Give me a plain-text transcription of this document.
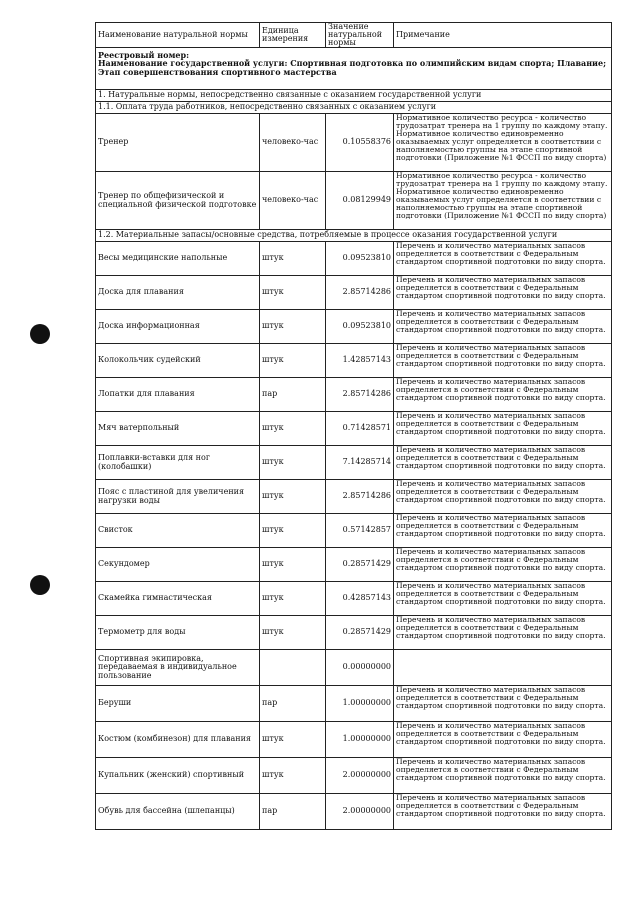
Наименование натуральной нормы	Единица измерения	Значение натуральной нормы	Примечание

Реестровый номер:
Наименование государственной услуги: Спортивная подготовка по олимпийским видам спорта; Плавание; Этап совершенствования спортивного мастерства			

1. Натуральные нормы, непосредственно связанные с оказанием государственной услуги			
1.1. Оплата труда работников, непосредственно связанных с оказанием услуги			
Тренер	человеко-час	0.10558376	Нормативное количество ресурса - количество трудозатрат тренера на 1 группу по каждому этапу. Нормативное количество единовременно оказываемых услуг определяется в соответствии с наполняемостью группы на этапе спортивной подготовки (Приложение №1 ФССП по виду спорта)
Тренер по общефизической и специальной физической подготовке	человеко-час	0.08129949	Нормативное количество ресурса - количество трудозатрат тренера на 1 группу по каждому этапу. Нормативное количество единовременно оказываемых услуг определяется в соответствии с наполняемостью группы на этапе спортивной подготовки (Приложение №1 ФССП по виду спорта)
1.2. Материальные запасы/основные средства, потребляемые в процессе оказания государственной услуги			
Весы медицинские напольные	штук	0.09523810	Перечень и количество материальных запасов определяется в соответствии с Федеральным стандартом спортивной подготовки по виду спорта.
Доска для плавания	штук	2.85714286	Перечень и количество материальных запасов определяется в соответствии с Федеральным стандартом спортивной подготовки по виду спорта.
Доска информационная	штук	0.09523810	Перечень и количество материальных запасов определяется в соответствии с Федеральным стандартом спортивной подготовки по виду спорта.
Колокольчик судейский	штук	1.42857143	Перечень и количество материальных запасов определяется в соответствии с Федеральным стандартом спортивной подготовки по виду спорта.
Лопатки для плавания	пар	2.85714286	Перечень и количество материальных запасов определяется в соответствии с Федеральным стандартом спортивной подготовки по виду спорта.
Мяч ватерпольный	штук	0.71428571	Перечень и количество материальных запасов определяется в соответствии с Федеральным стандартом спортивной подготовки по виду спорта.
Поплавки-вставки для ног (колобашки)	штук	7.14285714	Перечень и количество материальных запасов определяется в соответствии с Федеральным стандартом спортивной подготовки по виду спорта.
Пояс с пластиной для увеличения нагрузки воды	штук	2.85714286	Перечень и количество материальных запасов определяется в соответствии с Федеральным стандартом спортивной подготовки по виду спорта.
Свисток	штук	0.57142857	Перечень и количество материальных запасов определяется в соответствии с Федеральным стандартом спортивной подготовки по виду спорта.
Секундомер	штук	0.28571429	Перечень и количество материальных запасов определяется в соответствии с Федеральным стандартом спортивной подготовки по виду спорта.
Скамейка гимнастическая	штук	0.42857143	Перечень и количество материальных запасов определяется в соответствии с Федеральным стандартом спортивной подготовки по виду спорта.
Термометр для воды	штук	0.28571429	Перечень и количество материальных запасов определяется в соответствии с Федеральным стандартом спортивной подготовки по виду спорта.
Спортивная экипировка, передаваемая в индивидуальное пользование		0.00000000	
Беруши	пар	1.00000000	Перечень и количество материальных запасов определяется в соответствии с Федеральным стандартом спортивной подготовки по виду спорта.
Костюм (комбинезон) для плавания	штук	1.00000000	Перечень и количество материальных запасов определяется в соответствии с Федеральным стандартом спортивной подготовки по виду спорта.
Купальник (женский) спортивный	штук	2.00000000	Перечень и количество материальных запасов определяется в соответствии с Федеральным стандартом спортивной подготовки по виду спорта.
Обувь для бассейна (шлепанцы)	пар	2.00000000	Перечень и количество материальных запасов определяется в соответствии с Федеральным стандартом спортивной подготовки по виду спорта.
